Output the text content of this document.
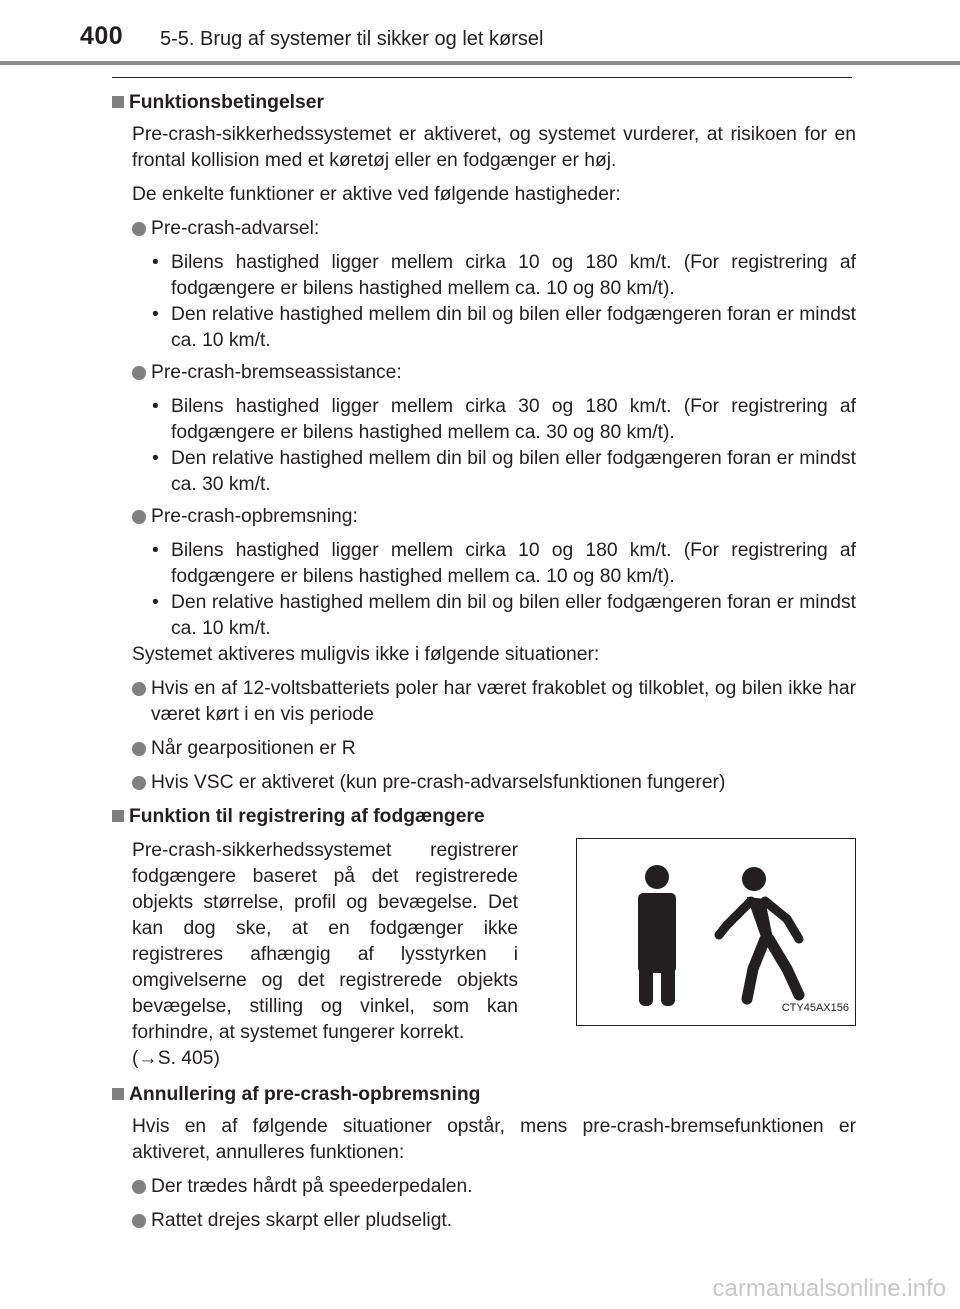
400 5-5. Brug af systemer til sikker og let kørsel
Funktionsbetingelser

Pre-crash-sikkerhedssystemet er aktiveret, og systemet vurderer, at risikoen for en frontal kollision med et køretøj eller en fodgænger er høj.

De enkelte funktioner er aktive ved følgende hastigheder:

Pre-crash-advarsel:
• Bilens hastighed ligger mellem cirka 10 og 180 km/t. (For registrering af fodgængere er bilens hastighed mellem ca. 10 og 80 km/t).
• Den relative hastighed mellem din bil og bilen eller fodgængeren foran er mindst ca. 10 km/t.
Pre-crash-bremseassistance:
• Bilens hastighed ligger mellem cirka 30 og 180 km/t. (For registrering af fodgængere er bilens hastighed mellem ca. 30 og 80 km/t).
• Den relative hastighed mellem din bil og bilen eller fodgængeren foran er mindst ca. 30 km/t.
Pre-crash-opbremsning:
• Bilens hastighed ligger mellem cirka 10 og 180 km/t. (For registrering af fodgængere er bilens hastighed mellem ca. 10 og 80 km/t).
• Den relative hastighed mellem din bil og bilen eller fodgængeren foran er mindst ca. 10 km/t.

Systemet aktiveres muligvis ikke i følgende situationer:

Hvis en af 12-voltsbatteriets poler har været frakoblet og tilkoblet, og bilen ikke har været kørt i en vis periode
Når gearpositionen er R
Hvis VSC er aktiveret (kun pre-crash-advarselsfunktionen fungerer)
Funktion til registrering af fodgængere
Pre-crash-sikkerhedssystemet registrerer fodgængere baseret på det registrerede objekts størrelse, profil og bevægelse. Det kan dog ske, at en fodgænger ikke registreres afhængig af lysstyrken i omgivelserne og det registrerede objekts bevægelse, stilling og vinkel, som kan forhindre, at systemet fungerer korrekt.
(→S. 405)
CTY45AX156
Annullering af pre-crash-opbremsning

Hvis en af følgende situationer opstår, mens pre-crash-bremsefunktionen er aktiveret, annulleres funktionen:

Der trædes hårdt på speederpedalen.
Rattet drejes skarpt eller pludseligt.
carmanualsonline.info
